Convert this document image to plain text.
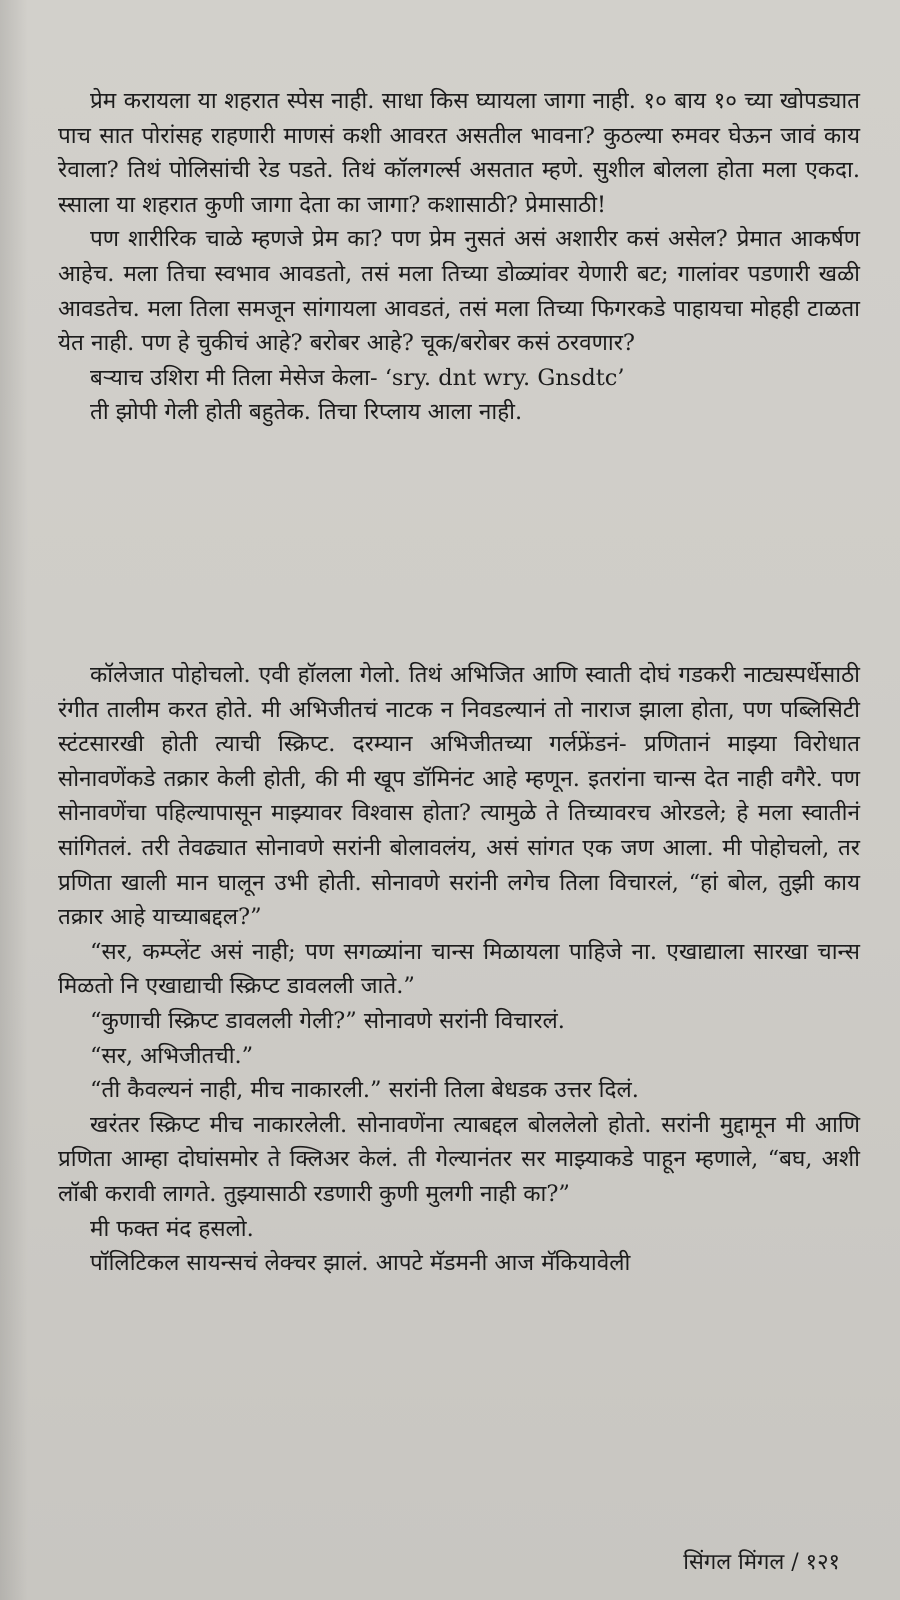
प्रेम करायला या शहरात स्पेस नाही. साधा किस घ्यायला जागा नाही. १० बाय १० च्या खोपड्यात पाच सात पोरांसह राहणारी माणसं कशी आवरत असतील भावना? कुठल्या रुमवर घेऊन जावं काय रेवाला? तिथं पोलिसांची रेड पडते. तिथं कॉलगर्ल्स असतात म्हणे. सुशील बोलला होता मला एकदा. स्साला या शहरात कुणी जागा देता का जागा? कशासाठी? प्रेमासाठी!

पण शारीरिक चाळे म्हणजे प्रेम का? पण प्रेम नुसतं असं अशारीर कसं असेल? प्रेमात आकर्षण आहेच. मला तिचा स्वभाव आवडतो, तसं मला तिच्या डोळ्यांवर येणारी बट; गालांवर पडणारी खळी आवडतेच. मला तिला समजून सांगायला आवडतं, तसं मला तिच्या फिगरकडे पाहायचा मोहही टाळता येत नाही. पण हे चुकीचं आहे? बरोबर आहे? चूक/बरोबर कसं ठरवणार?

बऱ्याच उशिरा मी तिला मेसेज केला- ‘sry. dnt wry. Gnsdtc’

ती झोपी गेली होती बहुतेक. तिचा रिप्लाय आला नाही.

कॉलेजात पोहोचलो. एवी हॉलला गेलो. तिथं अभिजित आणि स्वाती दोघं गडकरी नाट्यस्पर्धेसाठी रंगीत तालीम करत होते. मी अभिजीतचं नाटक न निवडल्यानं तो नाराज झाला होता, पण पब्लिसिटी स्टंटसारखी होती त्याची स्क्रिप्ट. दरम्यान अभिजीतच्या गर्लफ्रेंडनं- प्रणितानं माझ्या विरोधात सोनावणेंकडे तक्रार केली होती, की मी खूप डॉमिनंट आहे म्हणून. इतरांना चान्स देत नाही वगैरे. पण सोनावणेंचा पहिल्यापासून माझ्यावर विश्वास होता? त्यामुळे ते तिच्यावरच ओरडले; हे मला स्वातीनं सांगितलं. तरी तेवढ्यात सोनावणे सरांनी बोलावलंय, असं सांगत एक जण आला. मी पोहोचलो, तर प्रणिता खाली मान घालून उभी होती. सोनावणे सरांनी लगेच तिला विचारलं, “हां बोल, तुझी काय तक्रार आहे याच्याबद्दल?”

“सर, कम्प्लेंट असं नाही; पण सगळ्यांना चान्स मिळायला पाहिजे ना. एखाद्याला सारखा चान्स मिळतो नि एखाद्याची स्क्रिप्ट डावलली जाते.”

“कुणाची स्क्रिप्ट डावलली गेली?” सोनावणे सरांनी विचारलं.

“सर, अभिजीतची.”

“ती कैवल्यनं नाही, मीच नाकारली.” सरांनी तिला बेधडक उत्तर दिलं.

खरंतर स्क्रिप्ट मीच नाकारलेली. सोनावणेंना त्याबद्दल बोललेलो होतो. सरांनी मुद्दामून मी आणि प्रणिता आम्हा दोघांसमोर ते क्लिअर केलं. ती गेल्यानंतर सर माझ्याकडे पाहून म्हणाले, “बघ, अशी लॉबी करावी लागते. तुझ्यासाठी रडणारी कुणी मुलगी नाही का?”

मी फक्त मंद हसलो.

पॉलिटिकल सायन्सचं लेक्चर झालं. आपटे मॅडमनी आज मॅकियावेली

सिंगल मिंगल / १२१
